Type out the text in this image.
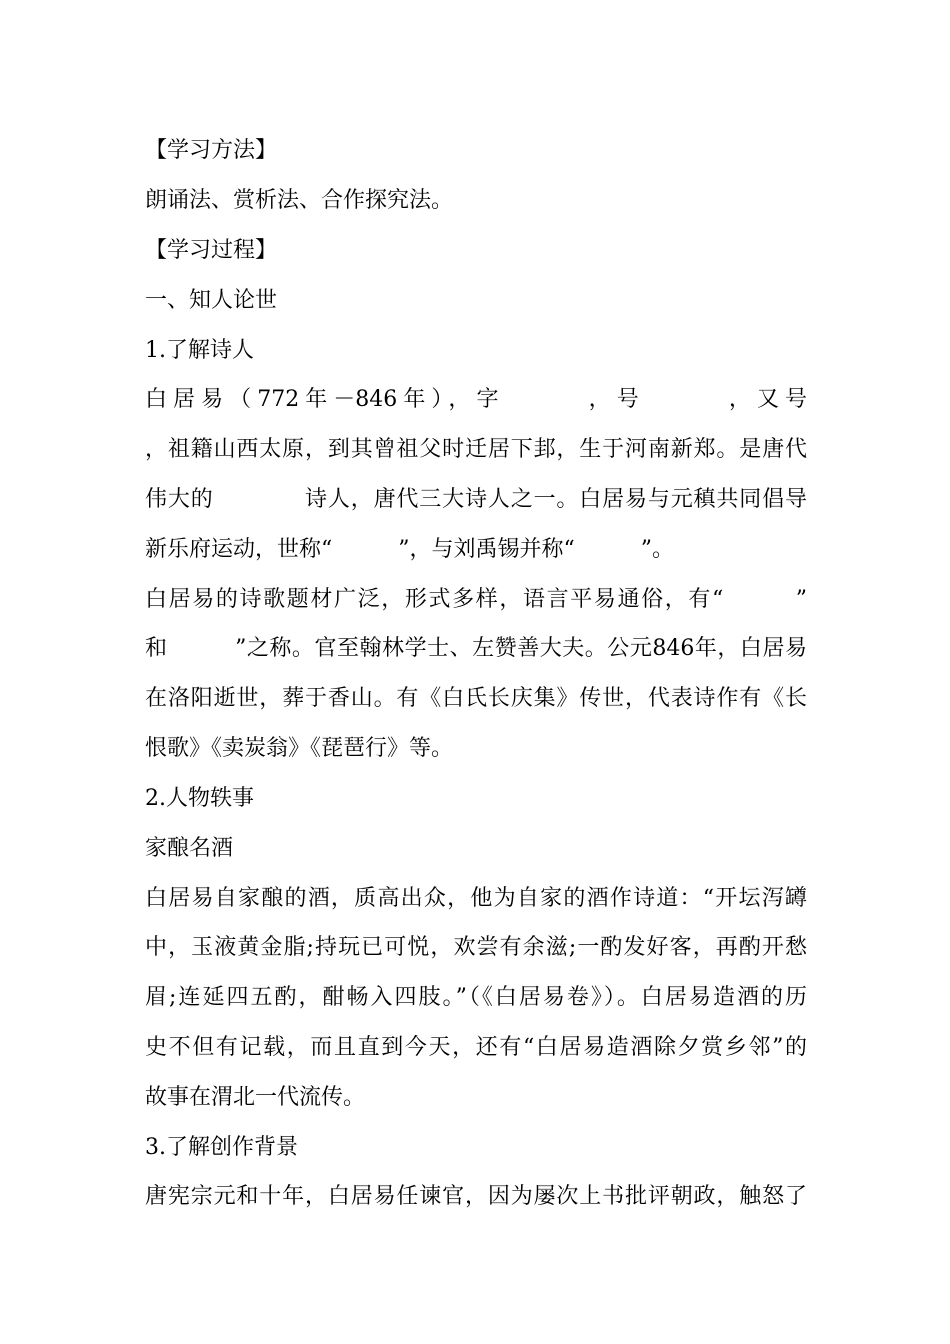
【学习方法】
朗诵法、赏析法、合作探究法。
【学习过程】
一、知人论世
1.了解诗人
白居易（772年－846年），字　　　，号　　　，又号
，祖籍山西太原，到其曾祖父时迁居下邽，生于河南新郑。是唐代
伟大的　　　　诗人，唐代三大诗人之一。白居易与元稹共同倡导
新乐府运动，世称“　　　”，与刘禹锡并称“　　　”。
白居易的诗歌题材广泛，形式多样，语言平易通俗，有“　　　”
和　　　”之称。官至翰林学士、左赞善大夫。公元846年，白居易
在洛阳逝世，葬于香山。有《白氏长庆集》传世，代表诗作有《长
恨歌》《卖炭翁》《琵琶行》等。
2.人物轶事
家酿名酒
白居易自家酿的酒，质高出众，他为自家的酒作诗道：“开坛泻罇
中，玉液黄金脂;持玩已可悦，欢尝有余滋;一酌发好客，再酌开愁
眉;连延四五酌，酣畅入四肢。”（《白居易卷》）。白居易造酒的历
史不但有记载，而且直到今天，还有“白居易造酒除夕赏乡邻”的
故事在渭北一代流传。
3.了解创作背景
唐宪宗元和十年，白居易任谏官，因为屡次上书批评朝政，触怒了
